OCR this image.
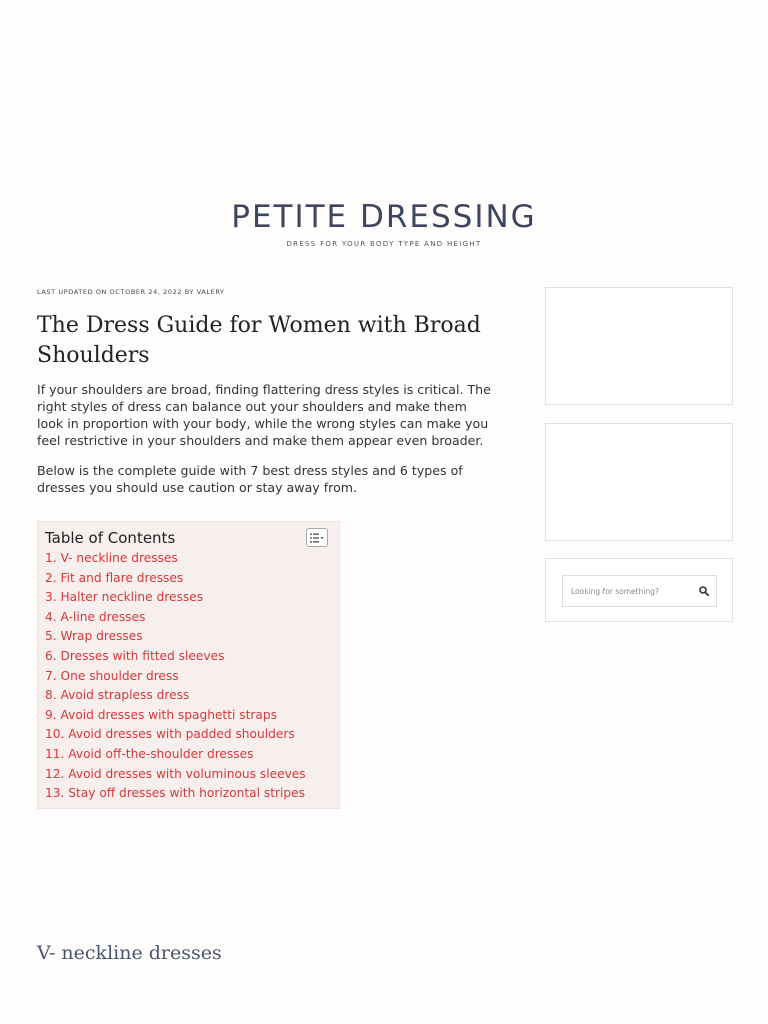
PETITE DRESSING
DRESS FOR YOUR BODY TYPE AND HEIGHT
LAST UPDATED ON OCTOBER 24, 2022 BY VALERY
The Dress Guide for Women with Broad Shoulders

If your shoulders are broad, finding flattering dress styles is critical. The right styles of dress can balance out your shoulders and make them look in proportion with your body, while the wrong styles can make you feel restrictive in your shoulders and make them appear even broader.

Below is the complete guide with 7 best dress styles and 6 types of dresses you should use caution or stay away from.

Table of Contents
1. V- neckline dresses
2. Fit and flare dresses
3. Halter neckline dresses
4. A-line dresses
5. Wrap dresses
6. Dresses with fitted sleeves
7. One shoulder dress
8. Avoid strapless dress
9. Avoid dresses with spaghetti straps
10. Avoid dresses with padded shoulders
11. Avoid off-the-shoulder dresses
12. Avoid dresses with voluminous sleeves
13. Stay off dresses with horizontal stripes
V- neckline dresses
Looking for something?
